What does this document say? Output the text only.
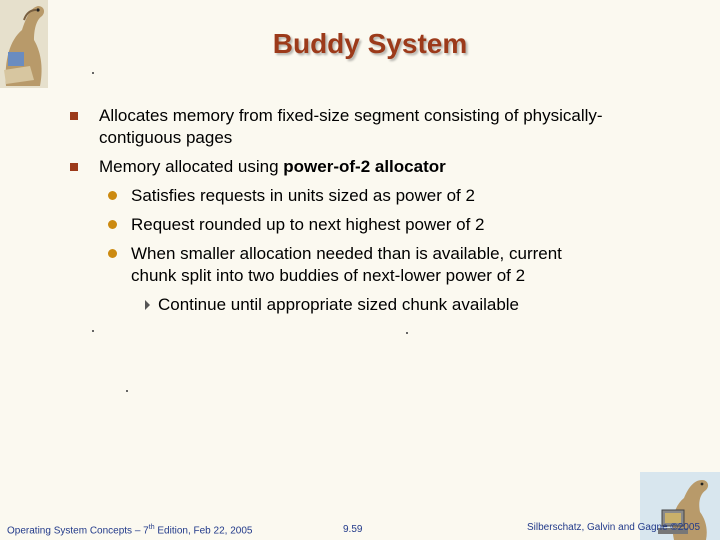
Buddy System
Allocates memory from fixed-size segment consisting of physically-
contiguous pages
Memory allocated using power-of-2 allocator
Satisfies requests in units sized as power of 2
Request rounded up to next highest power of 2
When smaller allocation needed than is available, current
chunk split into two buddies of next-lower power of 2
Continue until appropriate sized chunk available
Operating System Concepts – 7th Edition, Feb 22, 2005	9.59	Silberschatz, Galvin and Gagne ©2005
